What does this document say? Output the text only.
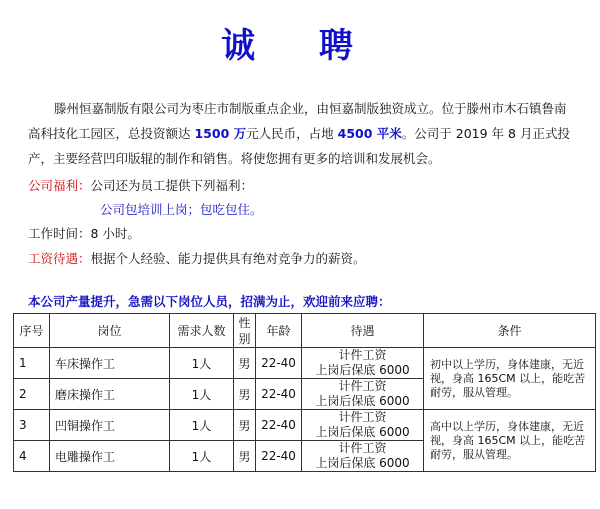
诚 聘

滕州恒嘉制版有限公司为枣庄市制版重点企业，由恒嘉制版独资成立。位于滕州市木石镇鲁南高科技化工园区，总投资额达 1500 万元人民币，占地 4500 平米。公司于 2019 年 8 月正式投产，主要经营凹印版辊的制作和销售。将使您拥有更多的培训和发展机会。

公司福利：公司还为员工提供下列福利：
公司包培训上岗；包吃包住。
工作时间：8 小时。
工资待遇：根据个人经验、能力提供具有绝对竞争力的薪资。
本公司产量提升，急需以下岗位人员，招满为止，欢迎前来应聘：
序号	岗位	需求人数	性别	年龄	待遇	条件
1	车床操作工	1人	男	22-40	计件工资
上岗后保底 6000	初中以上学历，身体建康，无近视，身高 165CM 以上，能吃苦耐劳，服从管理。
2	磨床操作工	1人	男	22-40	计件工资
上岗后保底 6000	

3	凹铜操作工	1人	男	22-40	计件工资
上岗后保底 6000	高中以上学历，身体建康，无近视，身高 165CM 以上，能吃苦耐劳，服从管理。
4	电雕操作工	1人	男	22-40	计件工资
上岗后保底 6000	
